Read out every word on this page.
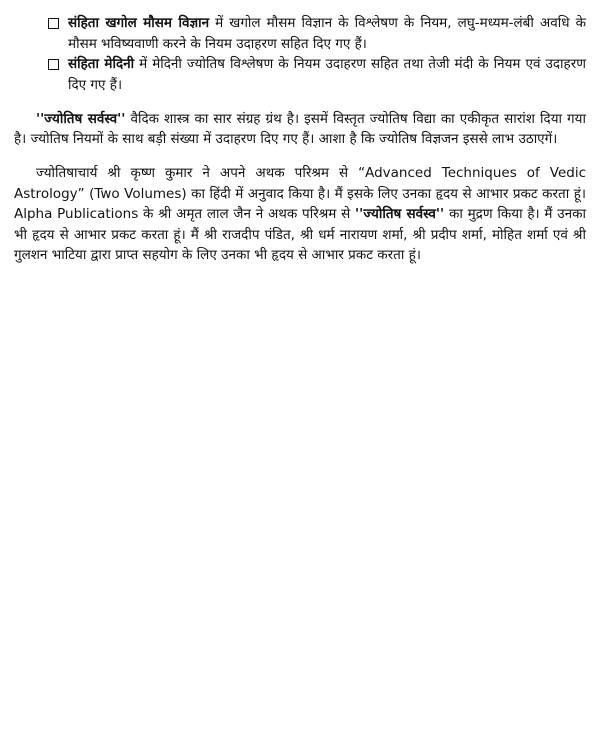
संहिता खगोल मौसम विज्ञान में खगोल मौसम विज्ञान के विश्लेषण के नियम, लघु-मध्यम-लंबी अवधि के मौसम भविष्यवाणी करने के नियम उदाहरण सहित दिए गए हैं।
संहिता मेदिनी में मेदिनी ज्योतिष विश्लेषण के नियम उदाहरण सहित तथा तेजी मंदी के नियम एवं उदाहरण दिए गए हैं।

''ज्योतिष सर्वस्व'' वैदिक शास्त्र का सार संग्रह ग्रंथ है। इसमें विस्तृत ज्योतिष विद्या का एकीकृत सारांश दिया गया है। ज्योतिष नियमों के साथ बड़ी संख्या में उदाहरण दिए गए हैं। आशा है कि ज्योतिष विज्ञजन इससे लाभ उठाएगें।

ज्योतिषाचार्य श्री कृष्ण कुमार ने अपने अथक परिश्रम से “Advanced Techniques of Vedic Astrology” (Two Volumes) का हिंदी में अनुवाद किया है। मैं इसके लिए उनका हृदय से आभार प्रकट करता हूं। Alpha Publications के श्री अमृत लाल जैन ने अथक परिश्रम से ''ज्योतिष सर्वस्व'' का मुद्रण किया है। मैं उनका भी हृदय से आभार प्रकट करता हूं। मैं श्री राजदीप पंडित, श्री धर्म नारायण शर्मा, श्री प्रदीप शर्मा, मोहित शर्मा एवं श्री गुलशन भाटिया द्वारा प्राप्त सहयोग के लिए उनका भी हृदय से आभार प्रकट करता हूं।
